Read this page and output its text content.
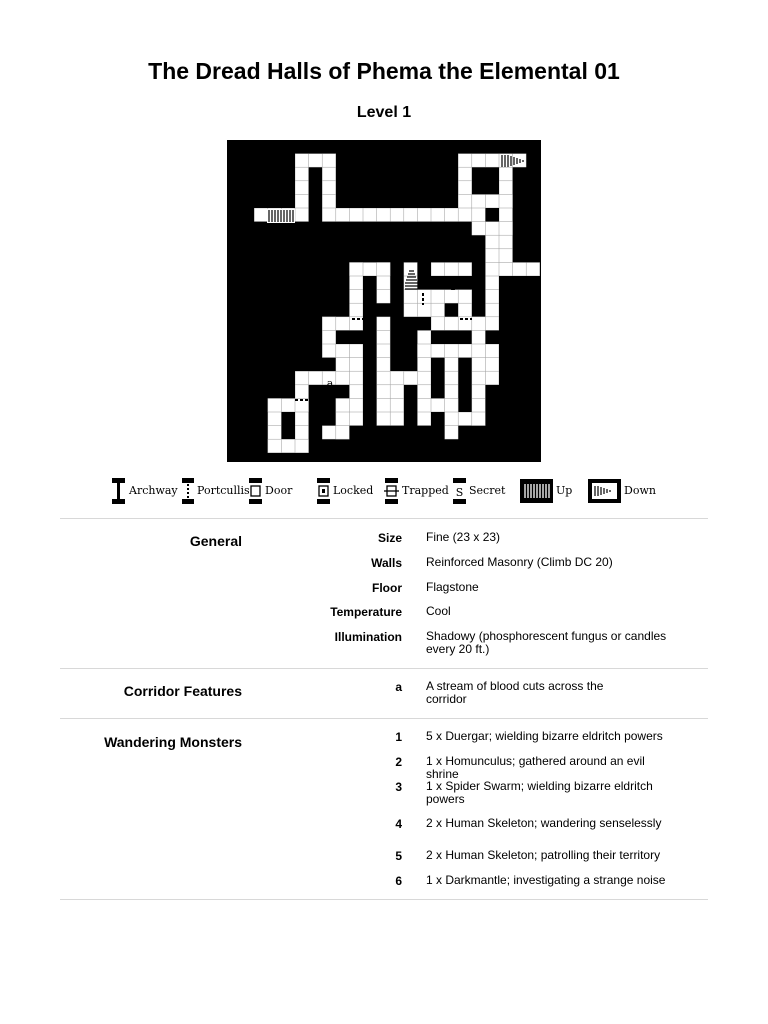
The Dread Halls of Phema the Elemental 01
Level 1
2	1
a
3
Archway Portcullis Door	Locked	Trapped S Secret	Up	Down
General	Size Fine (23 x 23)
Walls Reinforced Masonry (Climb DC 20)
Floor Flagstone
Temperature Cool
Illumination Shadowy (phosphorescent fungus or candles every 20 ft.)
Corridor Features	a A stream of blood cuts across the corridor
Wandering Monsters	1 5 x Duergar; wielding bizarre eldritch powers
2 1 x Homunculus; gathered around an evil shrine
3 1 x Spider Swarm; wielding bizarre eldritch powers
4 2 x Human Skeleton; wandering senselessly
5 2 x Human Skeleton; patrolling their territory
6 1 x Darkmantle; investigating a strange noise
